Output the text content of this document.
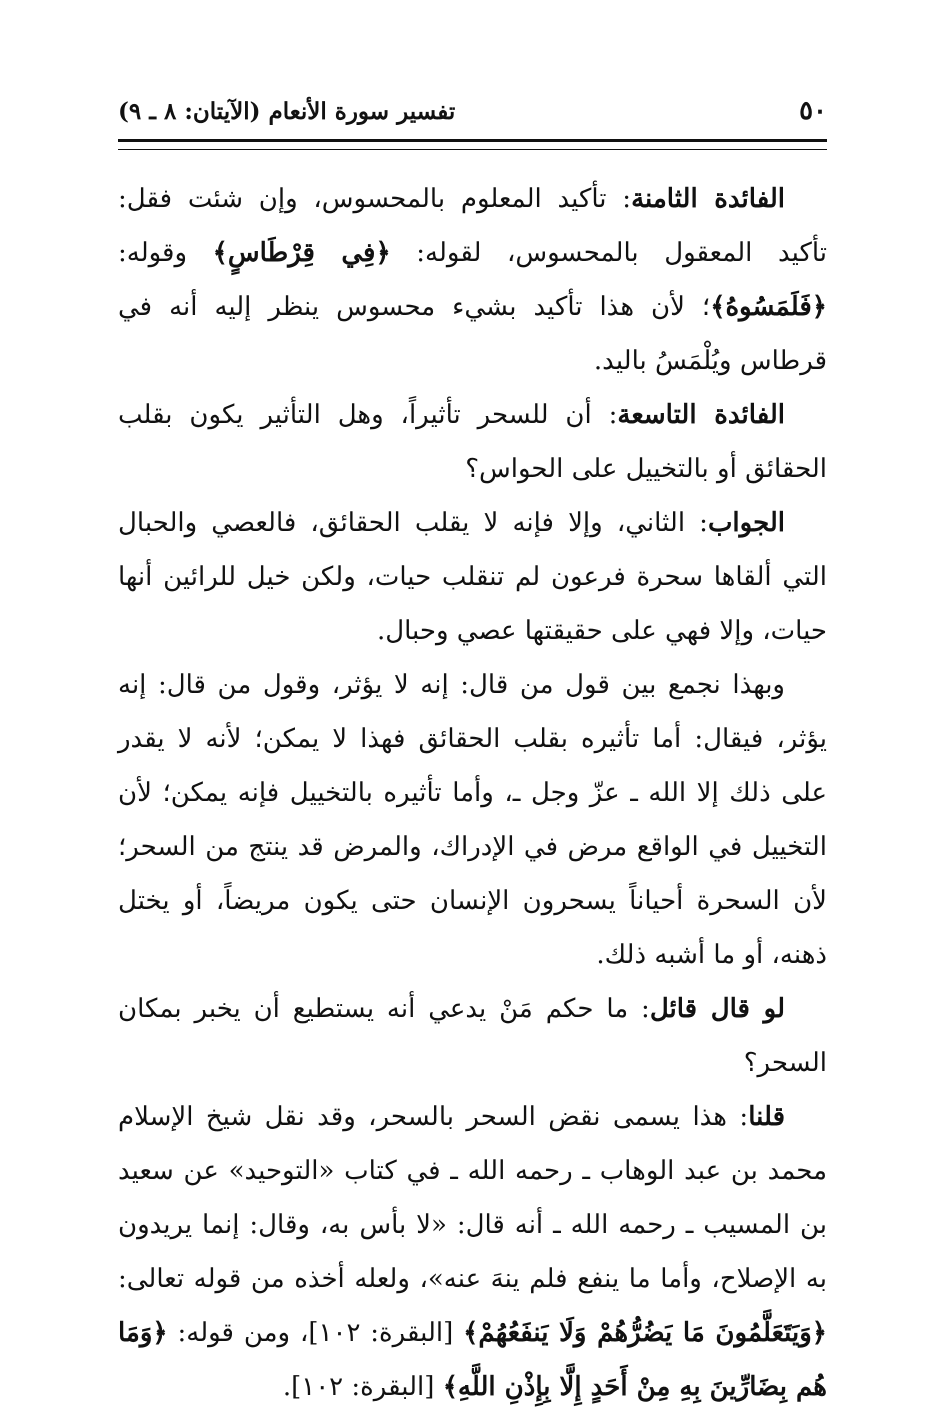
٥٠
تفسير سورة الأنعام (الآيتان: ٨ ـ ٩)

الفائدة الثامنة: تأكيد المعلوم بالمحسوس، وإن شئت فقل: تأكيد المعقول بالمحسوس، لقوله: ﴿فِي قِرْطَاسٍ﴾ وقوله: ﴿فَلَمَسُوهُ﴾؛ لأن هذا تأكيد بشيء محسوس ينظر إليه أنه في قرطاس ويُلْمَسُ باليد.

الفائدة التاسعة: أن للسحر تأثيراً، وهل التأثير يكون بقلب الحقائق أو بالتخييل على الحواس؟

الجواب: الثاني، وإلا فإنه لا يقلب الحقائق، فالعصي والحبال التي ألقاها سحرة فرعون لم تنقلب حيات، ولكن خيل للرائين أنها حيات، وإلا فهي على حقيقتها عصي وحبال.

وبهذا نجمع بين قول من قال: إنه لا يؤثر، وقول من قال: إنه يؤثر، فيقال: أما تأثيره بقلب الحقائق فهذا لا يمكن؛ لأنه لا يقدر على ذلك إلا الله ـ عزّ وجل ـ، وأما تأثيره بالتخييل فإنه يمكن؛ لأن التخييل في الواقع مرض في الإدراك، والمرض قد ينتج من السحر؛ لأن السحرة أحياناً يسحرون الإنسان حتى يكون مريضاً، أو يختل ذهنه، أو ما أشبه ذلك.

لو قال قائل: ما حكم مَنْ يدعي أنه يستطيع أن يخبر بمكان السحر؟

قلنا: هذا يسمى نقض السحر بالسحر، وقد نقل شيخ الإسلام محمد بن عبد الوهاب ـ رحمه الله ـ في كتاب «التوحيد» عن سعيد بن المسيب ـ رحمه الله ـ أنه قال: «لا بأس به، وقال: إنما يريدون به الإصلاح، وأما ما ينفع فلم ينهَ عنه»، ولعله أخذه من قوله تعالى: ﴿وَيَتَعَلَّمُونَ مَا يَضُرُّهُمْ وَلَا يَنفَعُهُمْ﴾ [البقرة: ١٠٢]، ومن قوله: ﴿وَمَا هُم بِضَارِّينَ بِهِ مِنْ أَحَدٍ إِلَّا بِإِذْنِ اللَّهِ﴾ [البقرة: ١٠٢].
